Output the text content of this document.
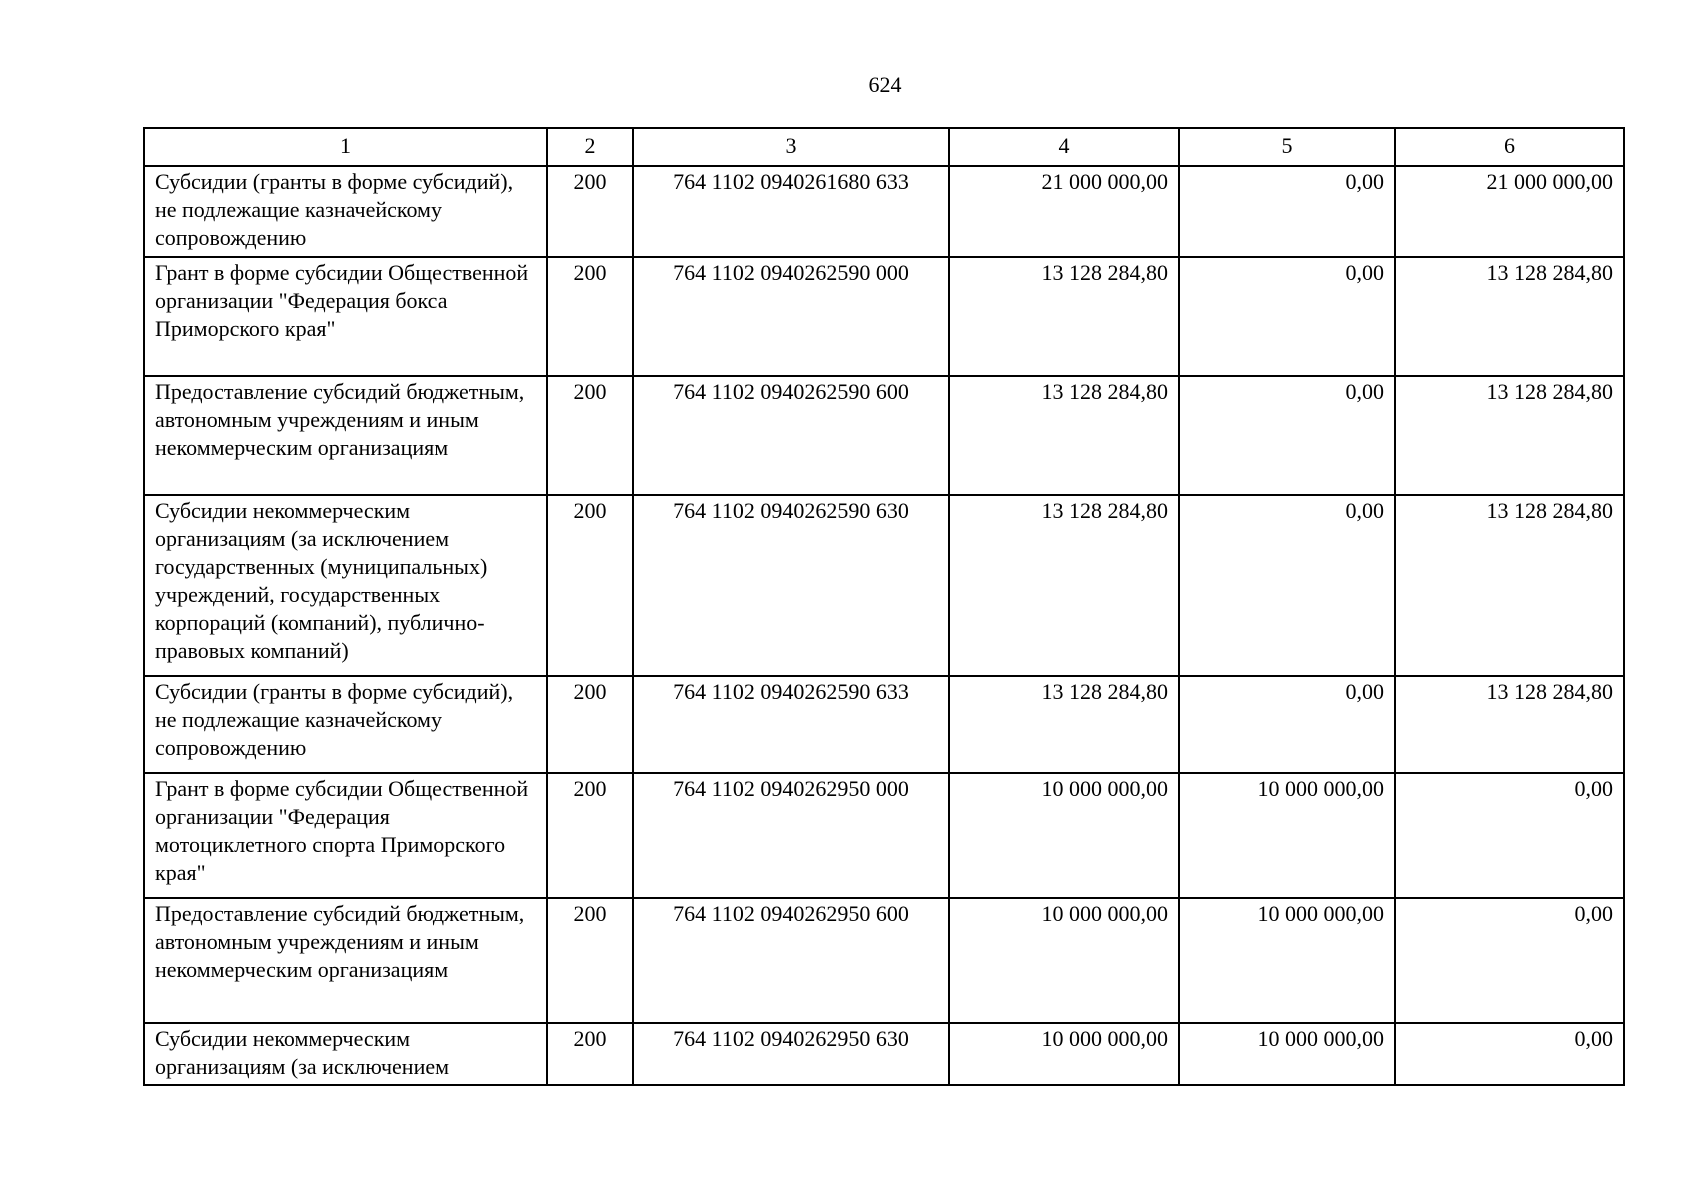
624
1	2	3	4	5	6
Субсидии (гранты в форме субсидий), не подлежащие казначейскому сопровождению	200	764 1102 0940261680 633	21 000 000,00	0,00	21 000 000,00
Грант в форме субсидии Общественной организации "Федерация бокса Приморского края"	200	764 1102 0940262590 000	13 128 284,80	0,00	13 128 284,80
Предоставление субсидий бюджетным, автономным учреждениям и иным некоммерческим организациям	200	764 1102 0940262590 600	13 128 284,80	0,00	13 128 284,80
Субсидии некоммерческим организациям (за исключением государственных (муниципальных) учреждений, государственных корпораций (компаний), публично-правовых компаний)	200	764 1102 0940262590 630	13 128 284,80	0,00	13 128 284,80
Субсидии (гранты в форме субсидий), не подлежащие казначейскому сопровождению	200	764 1102 0940262590 633	13 128 284,80	0,00	13 128 284,80
Грант в форме субсидии Общественной организации "Федерация мотоциклетного спорта Приморского края"	200	764 1102 0940262950 000	10 000 000,00	10 000 000,00	0,00
Предоставление субсидий бюджетным, автономным учреждениям и иным некоммерческим организациям	200	764 1102 0940262950 600	10 000 000,00	10 000 000,00	0,00
Субсидии некоммерческим организациям (за исключением	200	764 1102 0940262950 630	10 000 000,00	10 000 000,00	0,00
